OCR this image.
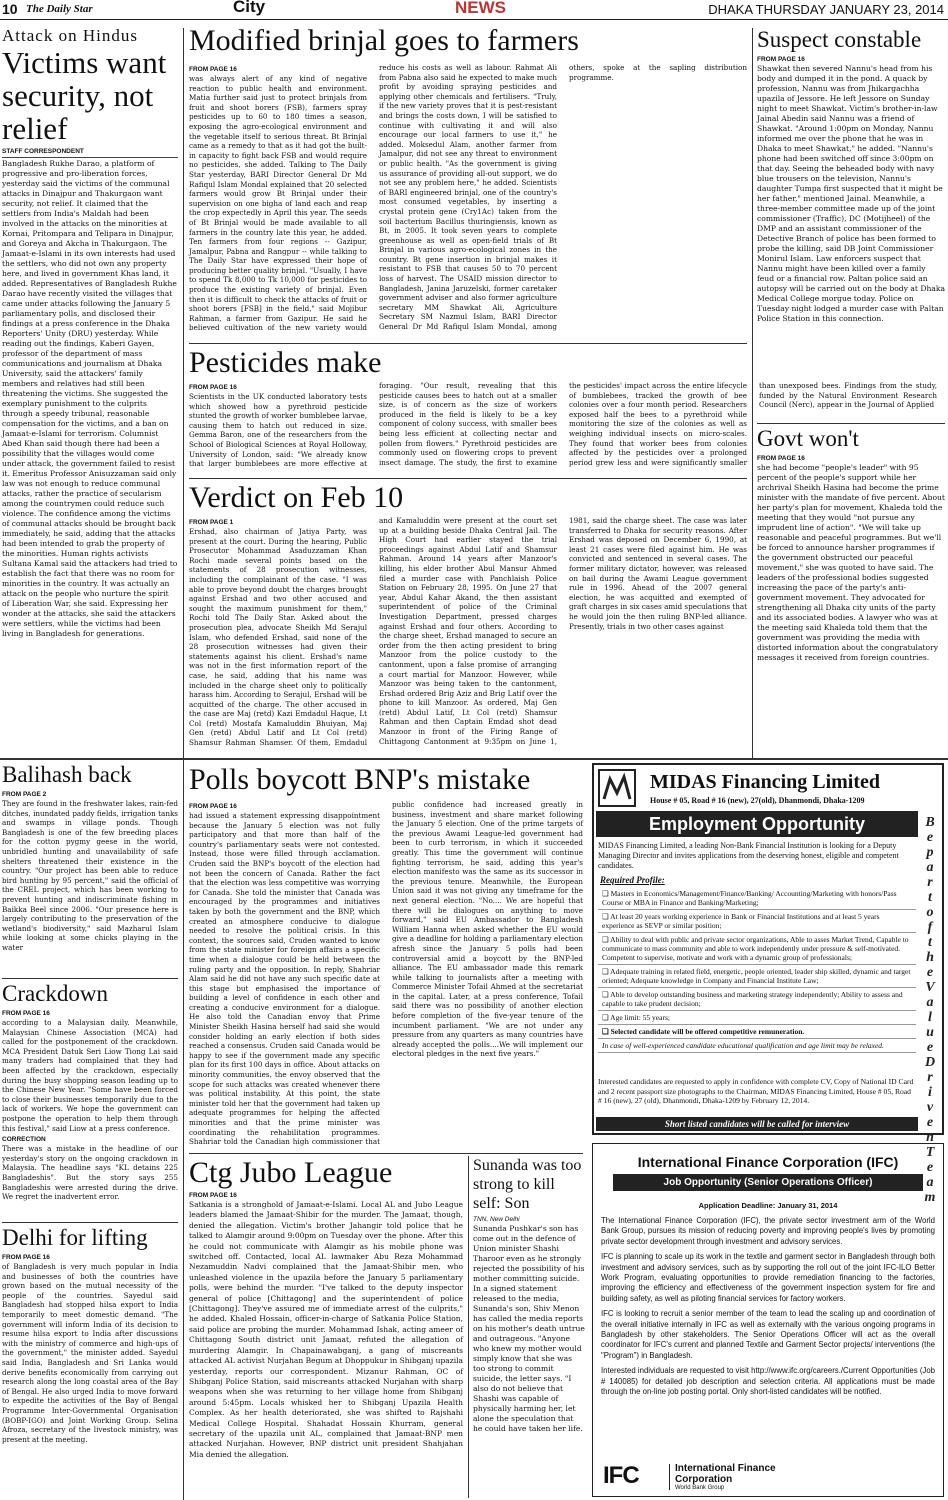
10 The Daily Star	City	NEWS	DHAKA THURSDAY JANUARY 23, 2014
Attack on Hindus
Victims want security, not relief
STAFF CORRESPONDENT
Bangladesh Rukhe Darao, a platform of progressive and pro-liberation forces, yesterday said the victims of the communal attacks in Dinajpur and Thakurgaon want security, not relief. It claimed that the settlers from India's Maldah had been involved in the attacks on the minorities at Kornai, Pritompara and Telipara in Dinajpur, and Goreya and Akcha in Thakurgaon. The Jamaat-e-Islami in its own interests had used the settlers, who did not own any property here, and lived in government Khas land, it added. Representatives of Bangladesh Rukhe Darao have recently visited the villages that came under attacks following the January 5 parliamentary polls, and disclosed their findings at a press conference in the Dhaka Reporters' Unity (DRU) yesterday. While reading out the findings, Kaberi Gayen, professor of the department of mass communications and journalism at Dhaka University, said the attackers' family members and relatives had still been threatening the victims. She suggested the exemplary punishment to the culprits through a speedy tribunal, reasonable compensation for the victims, and a ban on Jamaat-e-Islami for terrorism. Columnist Abed Khan said though there had been a possibility that the villages would come under attack, the government failed to resist it. Emeritus Professor Anisuzzaman said only law was not enough to reduce communal attacks, rather the practice of secularism among the countrymen could reduce such violence. The confidence among the victims of communal attacks should be brought back immediately, he said, adding that the attacks had been intended to grab the property of the minorities. Human rights activists Sultana Kamal said the attackers had tried to establish the fact that there was no room for minorities in the country. It was actually an attack on the people who nurture the spirit of Liberation War, she said. Expressing her wonder at the attacks, she said the attackers were settlers, while the victims had been living in Bangladesh for generations.
Modified brinjal goes to farmers
FROM PAGE 16
was always alert of any kind of negative reaction to public health and environment. Matia further said just to protect brinjals from fruit and shoot borers (FSB), farmers spray pesticides up to 60 to 180 times a season, exposing the agro-ecological environment and the vegetable itself to serious threat. Bt Brinjal came as a remedy to that as it had got the built-in capacity to fight back FSB and would require no pesticides, she added. Talking to The Daily Star yesterday, BARI Director General Dr Md Rafiqul Islam Mondal explained that 20 selected farmers would grow Bt Brinjal under their supervision on one bigha of land each and reap the crop expectedly in April this year. The seeds of Bt Brinjal would be made available to all farmers in the country late this year, he added. Ten farmers from four regions -- Gazipur, Jamalpur, Pabna and Rangpur -- while talking to The Daily Star have expressed their hope of producing better quality brinjal. "Usually, I have to spend Tk 8,000 to Tk 10,000 for pesticides to produce the existing variety of brinjal. Even then it is difficult to check the attacks of fruit or shoot borers [FSB] in the field," said Mojibur Rahman, a farmer from Gazipur. He said he believed cultivation of the new variety would reduce his costs as well as labour. Rahmat Ali from Pabna also said he expected to make much profit by avoiding spraying pesticides and applying other chemicals and fertilisers. "Truly, if the new variety proves that it is pest-resistant and brings the costs down, I will be satisfied to continue with cultivating it and will also encourage our local farmers to use it," he added. Moksedul Alam, another farmer from Jamalpur, did not see any threat to environment or public health. "As the government is giving us assurance of providing all-out support, we do not see any problem here," he added. Scientists of BARI engineered brinjal, one of the country's most consumed vegetables, by inserting a crystal protein gene (Cry1Ac) taken from the soil bacterium Bacillus thuringiensis, known as Bt, in 2005. It took seven years to complete greenhouse as well as open-field trials of Bt Brinjal in various agro-ecological zones in the country. Bt gene insertion in brinjal makes it resistant to FSB that causes 50 to 70 percent loss of harvest. The USAID mission director to Bangladesh, Janina Jaruzelski, former caretaker government adviser and also former agriculture secretary MM Shawkat Ali, Agriculture Secretary SM Nazmul Islam, BARI Director General Dr Md Rafiqul Islam Mondal, among others, spoke at the sapling distribution programme.
Pesticides make
FROM PAGE 16
Scientists in the UK conducted laboratory tests which showed how a pyrethroid pesticide stunted the growth of worker bumblebee larvae, causing them to hatch out reduced in size. Gemma Baron, one of the researchers from the School of Biological Sciences at Royal Holloway, University of London, said: "We already know that larger bumblebees are more effective at foraging. "Our result, revealing that this pesticide causes bees to hatch out at a smaller size, is of concern as the size of workers produced in the field is likely to be a key component of colony success, with smaller bees being less efficient at collecting nectar and pollen from flowers." Pyrethroid pesticides are commonly used on flowering crops to prevent insect damage. The study, the first to examine the pesticides' impact across the entire lifecycle of bumblebees, tracked the growth of bee colonies over a four month period. Researchers exposed half the bees to a pyrethroid while monitoring the size of the colonies as well as weighing individual insects on micro-scales. They found that worker bees from colonies affected by the pesticides over a prolonged period grew less and were significantly smaller than unexposed bees. Findings from the study, funded by the Natural Environment Research Council (Nerc), appear in the Journal of Applied
Verdict on Feb 10
FROM PAGE 1
Ershad, also chairman of Jatiya Party, was present at the court. During the hearing, Public Prosecutor Mohammad Asaduzzaman Khan Rochi made several points based on the statements of 28 prosecution witnesses, including the complainant of the case. "I was able to prove beyond doubt the charges brought against Ershad and two other accused and sought the maximum punishment for them," Rochi told The Daily Star. Asked about the prosecution plea, advocate Sheikh Md Serajul Islam, who defended Ershad, said none of the 28 prosecution witnesses had given their statements against his client. Ershad's name was not in the first information report of the case, he said, adding that his name was included in the charge sheet only to politically harass him. According to Serajul, Ershad will be acquitted of the charge. The other accused in the case are Maj (retd) Kazi Emdadul Haque, Lt Col (retd) Mostafa Kamaluddin Bhuiyan, Maj Gen (retd) Abdul Latif and Lt Col (retd) Shamsur Rahman Shamser. Of them, Emdadul and Kamaluddin were present at the court set up at a building beside Dhaka Central Jail. The High Court had earlier stayed the trial proceedings against Abdul Latif and Shamsur Rahman. Around 14 years after Manzoor's killing, his elder brother Abul Mansur Ahmed filed a murder case with Panchlaish Police Station on February 28, 1995. On June 27 that year, Abdul Kahar Akand, the then assistant superintendent of police of the Criminal Investigation Department, pressed charges against Ershad and four others. According to the charge sheet, Ershad managed to secure an order from the then acting president to bring Manzoor from the police custody to the cantonment, upon a false promise of arranging a court martial for Manzoor. However, while Manzoor was being taken to the cantonment, Ershad ordered Brig Aziz and Brig Latif over the phone to kill Manzoor. As ordered, Maj Gen (retd) Abdul Latif, Lt Col (retd) Shamsur Rahman and then Captain Emdad shot dead Manzoor in front of the Firing Range of Chittagong Cantonment at 9:35pm on June 1, 1981, said the charge sheet. The case was later transferred to Dhaka for security reasons. After Ershad was deposed on December 6, 1990, at least 21 cases were filed against him. He was convicted and sentenced in several cases. The former military dictator, however, was released on bail during the Awami League government rule in 1996. Ahead of the 2007 general election, he was acquitted and exempted of graft charges in six cases amid speculations that he would join the then ruling BNP-led alliance. Presently, trials in two other cases against
Suspect constable
FROM PAGE 16
Shawkat then severed Nannu's head from his body and dumped it in the pond. A quack by profession, Nannu was from Jhikargachha upazila of Jessore. He left Jessore on Sunday night to meet Shawkat. Victim's brother-in-law Jainal Abedin said Nannu was a friend of Shawkat. "Around 1:00pm on Monday, Nannu informed me over the phone that he was in Dhaka to meet Shawkat," he added. "Nannu's phone had been switched off since 3:00pm on that day. Seeing the beheaded body with navy blue trousers on the television, Nannu's daughter Tumpa first suspected that it might be her father," mentioned Jainal. Meanwhile, a three-member committee made up of the joint commissioner (Traffic), DC (Motijheel) of the DMP and an assistant commissioner of the Detective Branch of police has been formed to probe the killing, said DB Joint Commissioner Monirul Islam. Law enforcers suspect that Nannu might have been killed over a family feud or a financial row. Paltan police said an autopsy will be carried out on the body at Dhaka Medical College morgue today. Police on Tuesday night lodged a murder case with Paltan Police Station in this connection.
Govt won't
FROM PAGE 16
she had become "people's leader" with 95 percent of the people's support while her archrival Sheikh Hasina had become the prime minister with the mandate of five percent. About her party's plan for movement, Khaleda told the meeting that they would "not pursue any imprudent line of action". "We will take up reasonable and peaceful programmes. But we'll be forced to announce harsher programmes if the government obstructed our peaceful movement," she was quoted to have said. The leaders of the professional bodies suggested increasing the pace of the party's anti-government movement. They advocated for strengthening all Dhaka city units of the party and its associated bodies. A lawyer who was at the meeting said Khaleda told them that the government was providing the media with distorted information about the congratulatory messages it received from foreign countries.
Balihash back
FROM PAGE 2
They are found in the freshwater lakes, rain-fed ditches, inundated paddy fields, irrigation tanks and swamps in village ponds. Though Bangladesh is one of the few breeding places for the cotton pygmy geese in the world, unbridled hunting and unavailability of safe shelters threatened their existence in the country. "Our project has been able to reduce bird hunting by 95 percent," said the official of the CREL project, which has been working to prevent hunting and indiscriminate fishing in Baikka Beel since 2006. "Our presence here is largely contributing to the preservation of the wetland's biodiversity," said Mazharul Islam while looking at some chicks playing in the water
Crackdown
FROM PAGE 16
according to a Malaysian daily. Meanwhile, Malaysian Chinese Association (MCA) had called for the postponement of the crackdown. MCA President Datuk Seri Liow Tiong Lai said many traders had complained that they had been affected by the crackdown, especially during the busy shopping season leading up to the Chinese New Year. "Some have been forced to close their businesses temporarily due to the lack of workers. We hope the government can postpone the operation to help them through this festival," said Liow at a press conference.
CORRECTION
There was a mistake in the headline of our yesterday's story on the ongoing crackdown in Malaysia. The headline says "KL detains 225 Bangladeshis". But the story says 255 Bangladeshis were arrested during the drive. We regret the inadvertent error.
Delhi for lifting
FROM PAGE 16
of Bangladesh is very much popular in India and businesses of both the countries have grown based on the mutual necessity of the people of the countries. Sayedul said Bangladesh had stopped hilsa export to India temporarily to meet domestic demand. "The government will inform India of its decision to resume hilsa export to India after discussions with the ministry of commerce and high-ups of the government," the minister added. Sayedul said India, Bangladesh and Sri Lanka would derive benefits economically from carrying out research along the long coastal area of the Bay of Bengal. He also urged India to move forward to expedite the activities of the Bay of Bengal Programme Inter-Governmental Organisation (BOBP-IGO) and Joint Working Group. Selina Afroza, secretary of the livestock ministry, was present at the meeting.
Polls boycott BNP's mistake
FROM PAGE 16
had issued a statement expressing disappointment because the January 5 election was not fully participatory and that more than half of the country's parliamentary seats were not contested. Instead, those were filled through acclamation. Cruden said the BNP's boycott of the election had not been the concern of Canada. Rather the fact that the election was less competitive was worrying for Canada. She told the minister that Canada was encouraged by the programmes and initiatives taken by both the government and the BNP, which created an atmosphere conducive to dialogue needed to resolve the political crisis. In this context, the sources said, Cruden wanted to know from the state minister for foreign affairs a specific time when a dialogue could be held between the ruling party and the opposition. In reply, Shahriar Alam said he did not have any such specific date at this stage but emphasised the importance of building a level of confidence in each other and creating a conducive environment for a dialogue. He also told the Canadian envoy that Prime Minister Sheikh Hasina herself had said she would consider holding an early election if both sides reached a consensus. Cruden said Canada would be happy to see if the government made any specific plan for its first 100 days in office. About attacks on minority communities, the envoy observed that the scope for such attacks was created whenever there was political instability. At this point, the state minister told her that the government had taken up adequate programmes for helping the affected minorities and that the prime minister was coordinating the rehabilitation programmes. Shahriar told the Canadian high commissioner that public confidence had increased greatly in business, investment and share market following the January 5 election. One of the prime targets of the previous Awami League-led government had been to curb terrorism, in which it succeeded greatly. This time the government will continue fighting terrorism, he said, adding this year's election manifesto was the same as its successor in the previous tenure. Meanwhile, the European Union said it was not giving any timeframe for the next general election. "No.... We are hopeful that there will be dialogues on anything to move forward," said EU Ambassador to Bangladesh William Hanna when asked whether the EU would give a deadline for holding a parliamentary election afresh since the January 5 polls had been controversial amid a boycott by the BNP-led alliance. The EU ambassador made this remark while talking to journalists after a meeting with Commerce Minister Tofail Ahmed at the secretariat in the capital. Later, at a press conference, Tofail said there was no possibility of another election before completion of the five-year tenure of the incumbent parliament. "We are not under any pressure from any quarters as many countries have already accepted the polls....We will implement our electoral pledges in the next five years."
Ctg Jubo League
FROM PAGE 16
Satkania is a stronghold of Jamaat-e-Islami. Local AL and Jubo League leaders blamed the Jamaat-Shibir for the murder. The Jamaat, though, denied the allegation. Victim's brother Jahangir told police that he talked to Alamgir around 9:00pm on Tuesday over the phone. After this he could not communicate with Alamgir as his mobile phone was switched off. Contacted, local AL lawmaker Abu Reza Mohammad Nezamuddin Nadvi complained that the Jamaat-Shibir men, who unleashed violence in the upazila before the January 5 parliamentary polls, were behind the murder. "I've talked to the deputy inspector general of police [Chittagong] and the superintendent of police [Chittagong]. They've assured me of immediate arrest of the culprits," he added. Khaled Hossain, officer-in-charge of Satkania Police Station, said police are probing the murder. Mohammad Ishak, acting ameer of Chittagong South district unit Jamaat, refuted the allegation of murdering Alamgir. In Chapainawabganj, a gang of miscreants attacked AL activist Nurjahan Begum at Dhoppukur in Shibganj upazila yesterday, reports our correspondent. Mizanur Rahman, OC of Shibganj Police Station, said miscreants attacked Nurjahan with sharp weapons when she was returning to her village home from Shibganj around 5:45pm. Locals whisked her to Shibganj Upazila Health Complex. As her health deteriorated, she was shifted to Rajshahi Medical College Hospital. Shahadat Hossain Khurram, general secretary of the upazila unit AL, complained that Jamaat-BNP men attacked Nurjahan. However, BNP district unit president Shahjahan Mia denied the allegation.
Sunanda was too strong to kill self: Son
TNN, New Delhi
Sunanda Pushkar's son has come out in the defence of Union minister Shashi Tharoor even as he strongly rejected the possibility of his mother committing suicide. In a signed statement released to the media, Sunanda's son, Shiv Menon has called the media reports on his mother's death untrue and outrageous. "Anyone who knew my mother would simply know that she was too strong to commit suicide, the letter says. "I also do not believe that Shashi was capable of physically harming her, let alone the speculation that he could have taken her life.
MIDAS Financing Limited
House # 05, Road # 16 (new), 27(old), Dhanmondi, Dhaka-1209
Employment Opportunity
MIDAS Financing Limited, a leading Non-Bank Financial Institution is looking for a Deputy Managing Director and invites applications from the deserving honest, eligible and competent candidates.
Required Profile:
❑ Masters in Economics/Management/Finance/Banking/ Accounting/Marketing with honors/Pass Course or MBA in Finance and Banking/Marketing;
❑ At least 20 years working experience in Bank or Financial Institutions and at least 5 years experience as SEVP or similar position;
❑ Ability to deal with public and private sector organizations, Able to asses Market Trend, Capable to communicate to mass community and able to work independently under pressure & self-motivated. Competent to supervise, motivate and work with a dynamic group of professionals;
❑ Adequate training in related field, energetic, people oriented, leader ship skilled, dynamic and target oriented; Adequate knowledge in Company and Financial Institute Law;
❑ Able to develop outstanding business and marketing strategy independently; Ability to assess and capable to take prudent decision;
❑ Age limit: 55 years;
❑ Selected candidate will be offered competitive remuneration.
In case of well-experienced candidate educational qualification and age limit may be relaxed.
Interested candidates are requested to apply in confidence with complete CV, Copy of National ID Card and 2 recent passport size photographs to the Chairman, MIDAS Financing Limited, House # 05, Road # 16 (new), 27 (old), Dhanmondi, Dhaka-1209 by February 12, 2014.
Short listed candidates will be called for interview
B
e
p
a
r
t
o
f
t
h
e
V
a
l
u
e
D
r
i
v
e
n
T
e
a
m
International Finance Corporation (IFC)
Job Opportunity (Senior Operations Officer)
Application Deadline: January 31, 2014

The International Finance Corporation (IFC), the private sector investment arm of the World Bank Group, pursues its mission of reducing poverty and improving people's lives by promoting private sector development through investment and advisory services.

IFC is planning to scale up its work in the textile and garment sector in Bangladesh through both investment and advisory services, such as by supporting the roll out of the joint IFC-ILO Better Work Program, evaluating opportunities to provide remediation financing to the factories, improving the efficiency and effectiveness of the government inspection system for fire and building safety, as well as piloting financial services for factory workers.

IFC is looking to recruit a senior member of the team to lead the scaling up and coordination of the overall initiative internally in IFC as well as externally with the various ongoing programs in Bangladesh by other stakeholders. The Senior Operations Officer will act as the overall coordinator for IFC's current and planned Textile and Garment Sector projects/ interventions (the "Program") in Bangladesh.

Interested individuals are requested to visit http://www.ifc.org/careers./Current Opportunities (Job # 140085) for detailed job description and selection criteria. All applications must be made through the on-line job posting portal. Only short-listed candidates will be notified.

IFC	International Finance Corporation
World Bank Group
